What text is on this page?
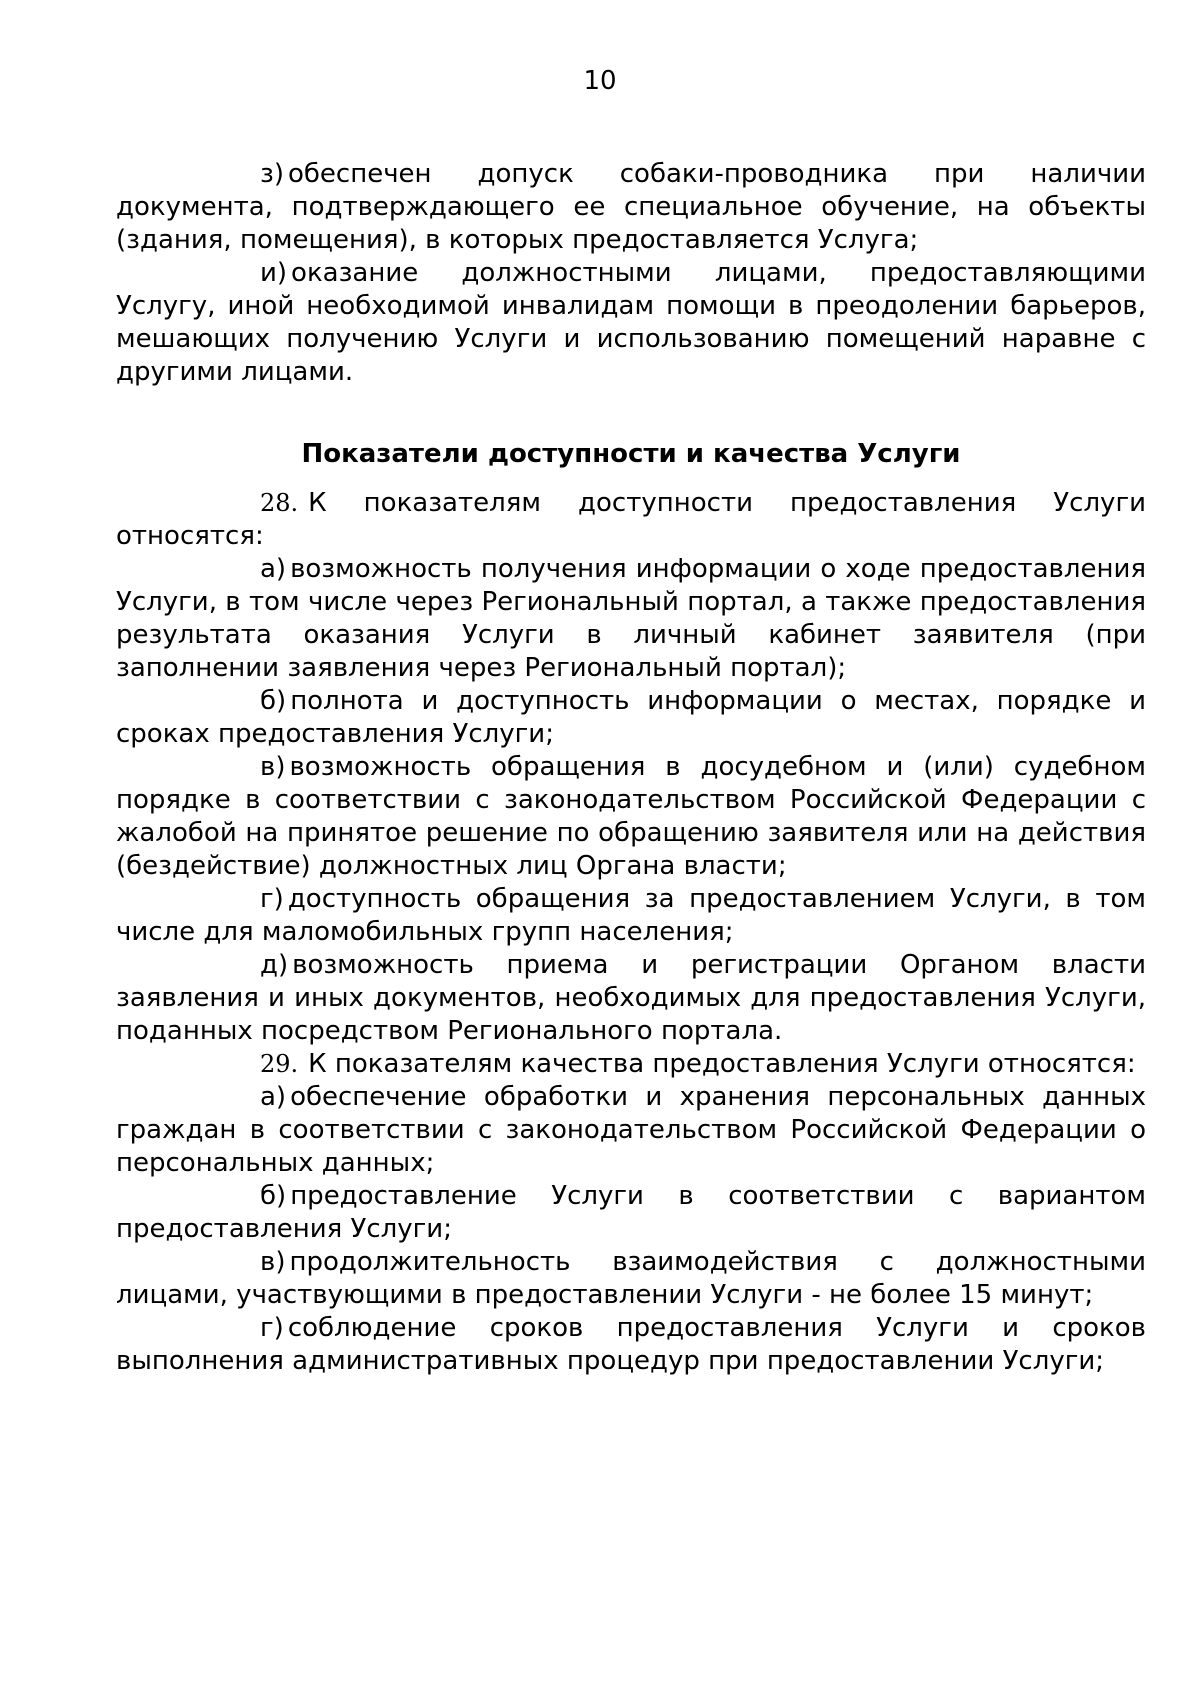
10

з) обеспечен допуск собаки-проводника при наличии документа, подтверждающего ее специальное обучение, на объекты (здания, помещения), в которых предоставляется Услуга;

и) оказание должностными лицами, предоставляющими Услугу, иной необходимой инвалидам помощи в преодолении барьеров, мешающих получению Услуги и использованию помещений наравне с другими лицами.

Показатели доступности и качества Услуги

28. К показателям доступности предоставления Услуги относятся:

а) возможность получения информации о ходе предоставления Услуги, в том числе через Региональный портал, а также предоставления результата оказания Услуги в личный кабинет заявителя (при заполнении заявления через Региональный портал);

б) полнота и доступность информации о местах, порядке и сроках предоставления Услуги;

в) возможность обращения в досудебном и (или) судебном порядке в соответствии с законодательством Российской Федерации с жалобой на принятое решение по обращению заявителя или на действия (бездействие) должностных лиц Органа власти;

г) доступность обращения за предоставлением Услуги, в том числе для маломобильных групп населения;

д) возможность приема и регистрации Органом власти заявления и иных документов, необходимых для предоставления Услуги, поданных посредством Регионального портала.

29. К показателям качества предоставления Услуги относятся:

а) обеспечение обработки и хранения персональных данных граждан в соответствии с законодательством Российской Федерации о персональных данных;

б) предоставление Услуги в соответствии с вариантом предоставления Услуги;

в) продолжительность взаимодействия с должностными лицами, участвующими в предоставлении Услуги - не более 15 минут;

г) соблюдение сроков предоставления Услуги и сроков выполнения административных процедур при предоставлении Услуги;
